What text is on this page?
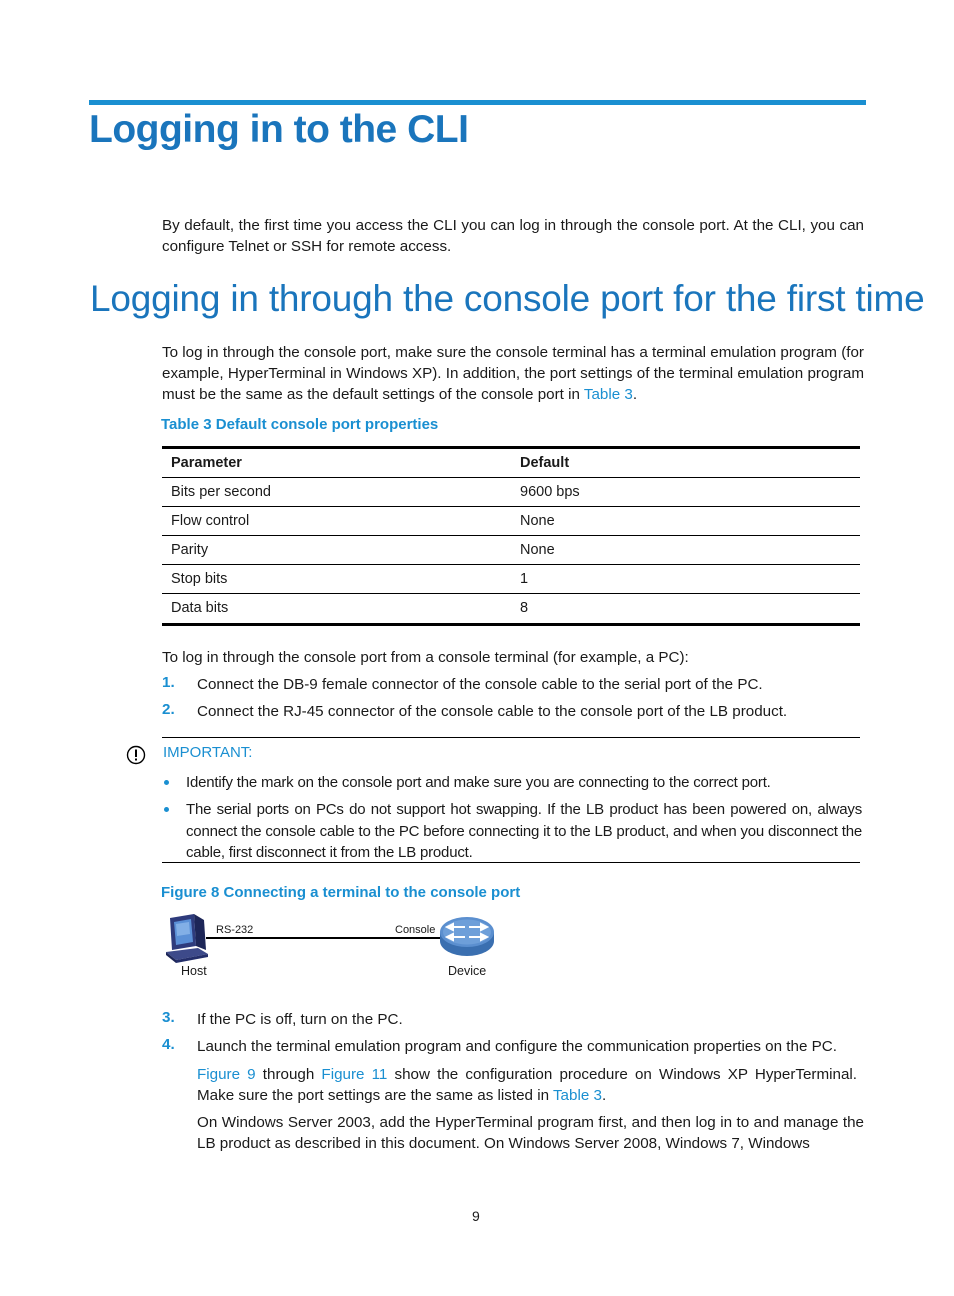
Logging in to the CLI
By default, the first time you access the CLI you can log in through the console port. At the CLI, you can configure Telnet or SSH for remote access.
Logging in through the console port for the first time
To log in through the console port, make sure the console terminal has a terminal emulation program (for example, HyperTerminal in Windows XP). In addition, the port settings of the terminal emulation program must be the same as the default settings of the console port in Table 3.
Table 3 Default console port properties
Parameter	Default
Bits per second	9600 bps
Flow control	None
Parity	None
Stop bits	1
Data bits	8
To log in through the console port from a console terminal (for example, a PC):
1. Connect the DB-9 female connector of the console cable to the serial port of the PC.
2. Connect the RJ-45 connector of the console cable to the console port of the LB product.
IMPORTANT:
Identify the mark on the console port and make sure you are connecting to the correct port.
The serial ports on PCs do not support hot swapping. If the LB product has been powered on, always connect the console cable to the PC before connecting it to the LB product, and when you disconnect the cable, first disconnect it from the LB product.
Figure 8 Connecting a terminal to the console port
RS-232	Console
Host	Device
3. If the PC is off, turn on the PC.
4. Launch the terminal emulation program and configure the communication properties on the PC.
Figure 9 through Figure 11 show the configuration procedure on Windows XP HyperTerminal. Make sure the port settings are the same as listed in Table 3.
On Windows Server 2003, add the HyperTerminal program first, and then log in to and manage the LB product as described in this document. On Windows Server 2008, Windows 7, Windows
9
